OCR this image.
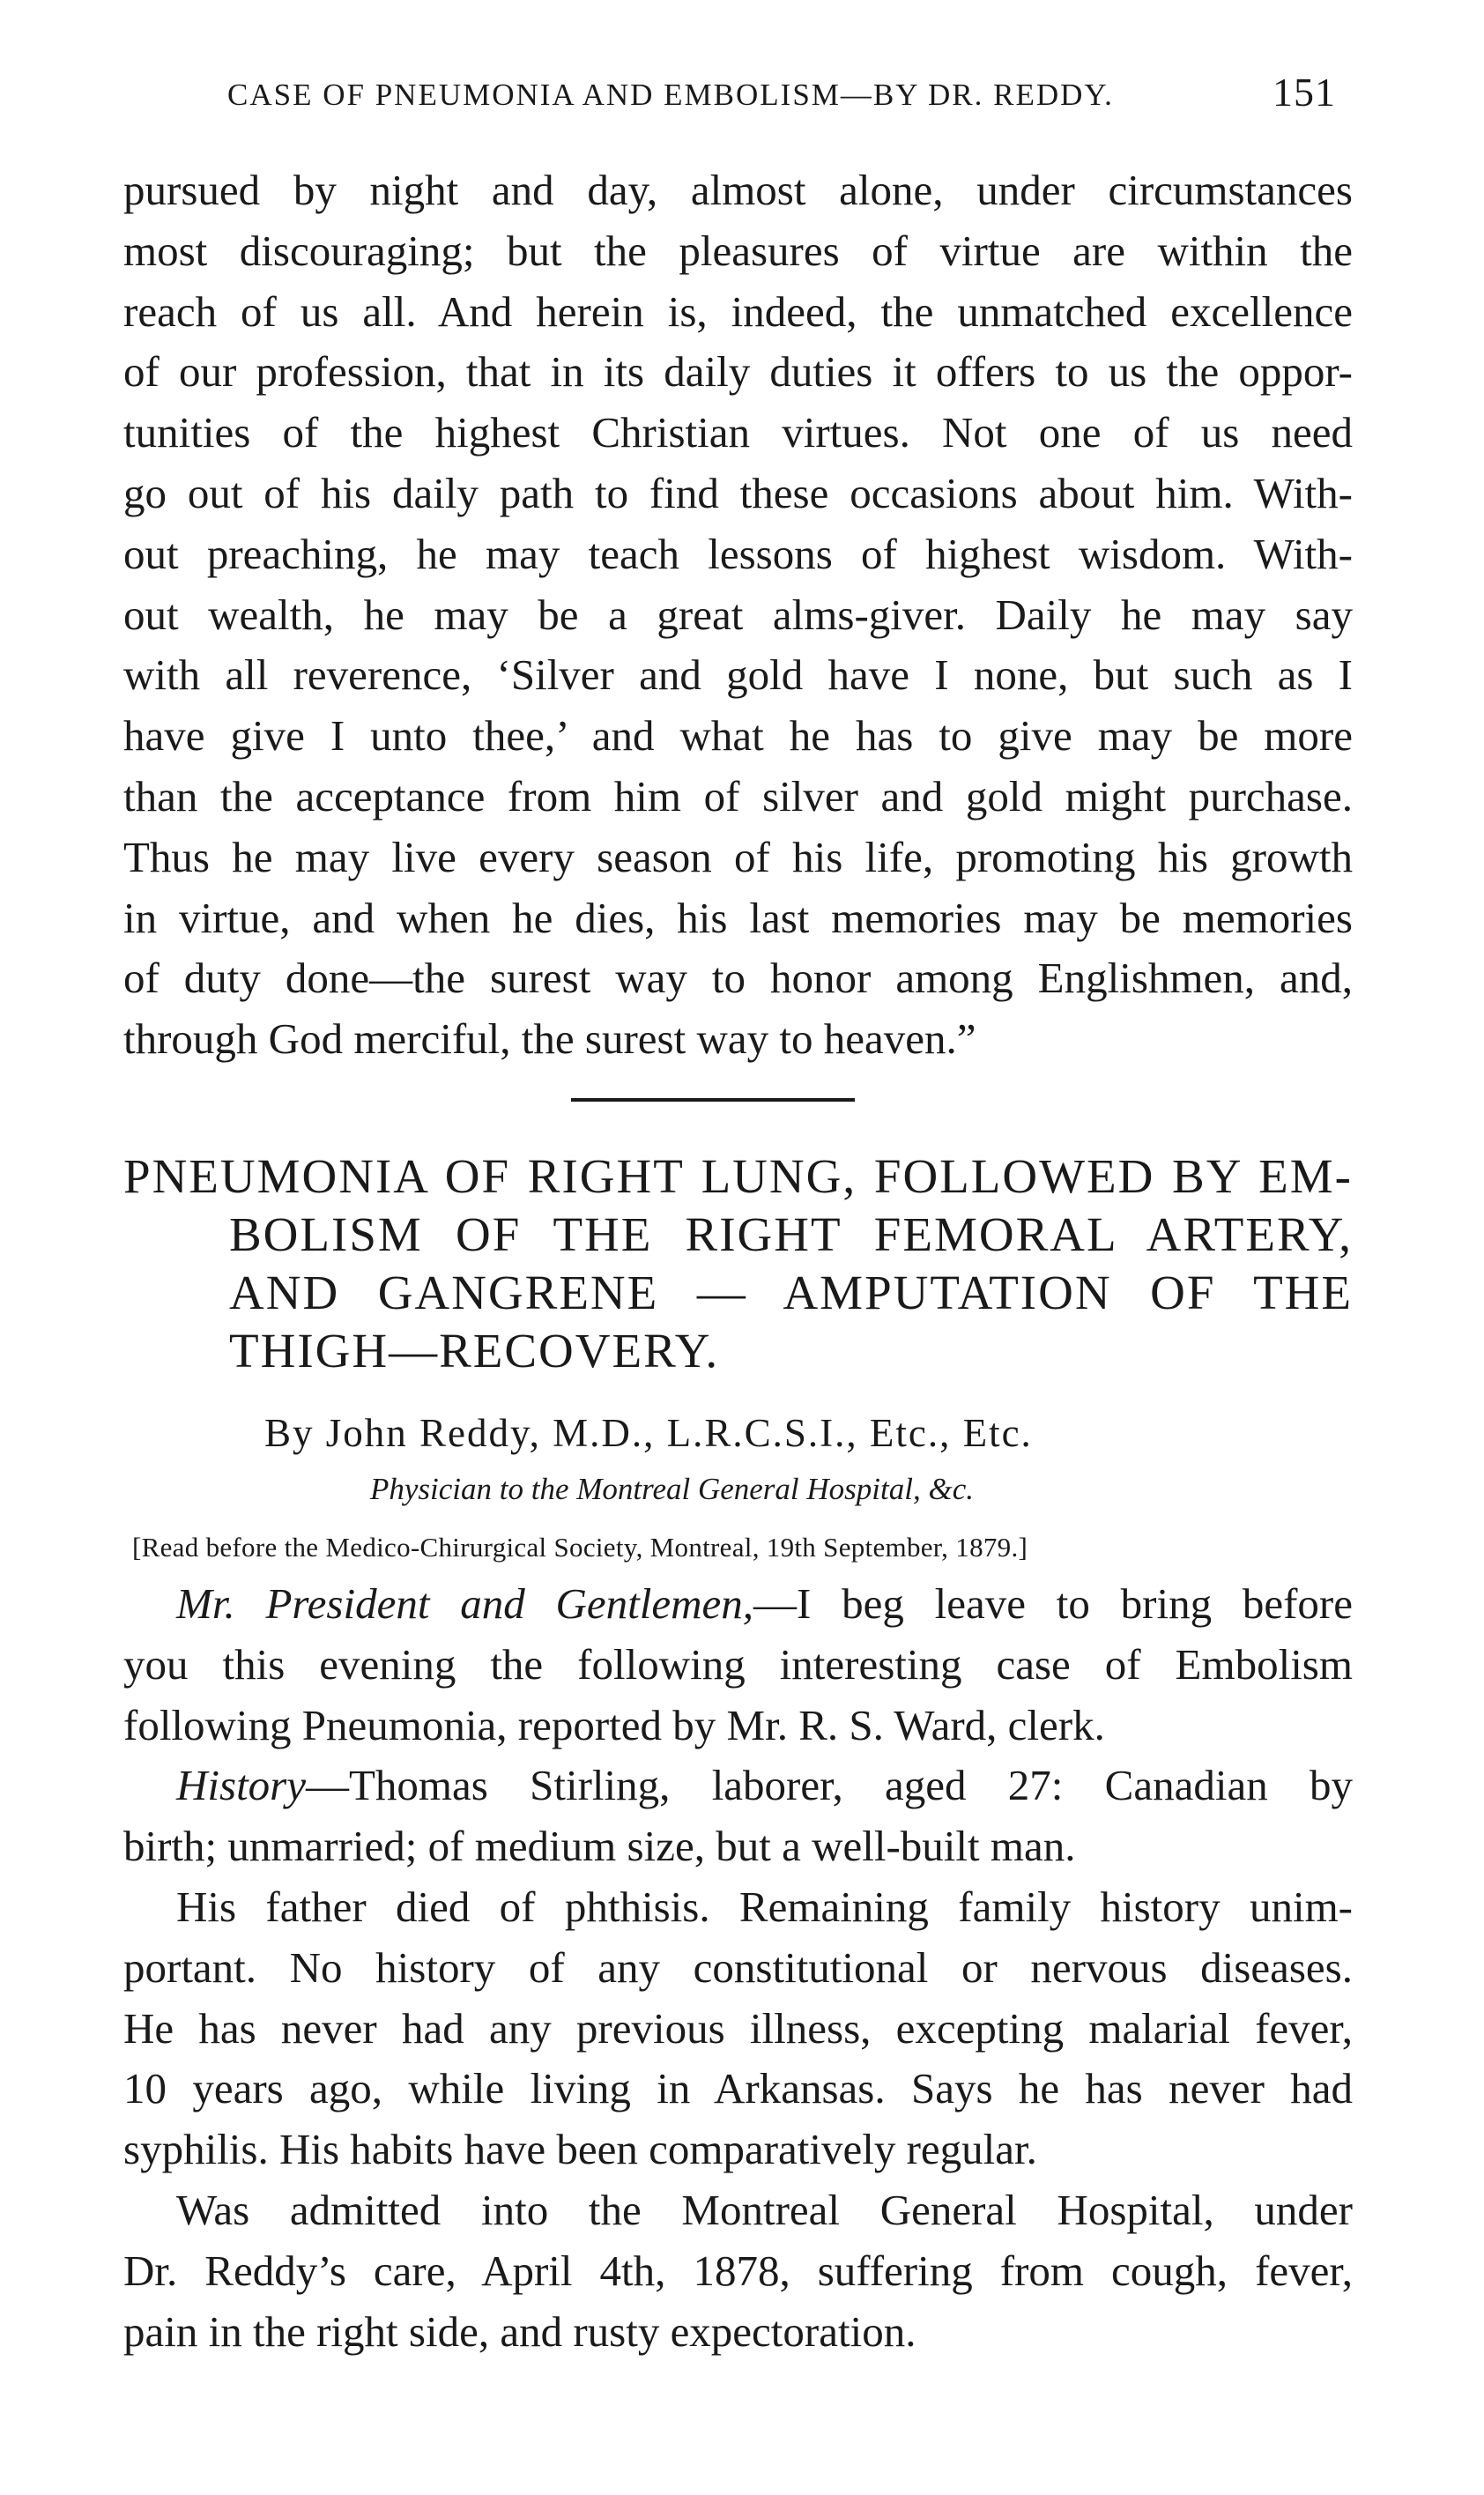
CASE OF PNEUMONIA AND EMBOLISM—BY DR. REDDY.	151
pursued by night and day, almost alone, under circumstances
most discouraging; but the pleasures of virtue are within the
reach of us all. And herein is, indeed, the unmatched excellence
of our profession, that in its daily duties it offers to us the oppor-
tunities of the highest Christian virtues. Not one of us need
go out of his daily path to find these occasions about him. With-
out preaching, he may teach lessons of highest wisdom. With-
out wealth, he may be a great alms-giver. Daily he may say
with all reverence, ‘Silver and gold have I none, but such as I
have give I unto thee,’ and what he has to give may be more
than the acceptance from him of silver and gold might purchase.
Thus he may live every season of his life, promoting his growth
in virtue, and when he dies, his last memories may be memories
of duty done—the surest way to honor among Englishmen, and,
through God merciful, the surest way to heaven.”
PNEUMONIA OF RIGHT LUNG, FOLLOWED BY EM-
BOLISM OF THE RIGHT FEMORAL ARTERY,
AND GANGRENE — AMPUTATION OF THE
THIGH—RECOVERY.
By John Reddy, M.D., L.R.C.S.I., Etc., Etc.
Physician to the Montreal General Hospital, &c.
[Read before the Medico-Chirurgical Society, Montreal, 19th September, 1879.]
Mr. President and Gentlemen,—I beg leave to bring before
you this evening the following interesting case of Embolism
following Pneumonia, reported by Mr. R. S. Ward, clerk.
History—Thomas Stirling, laborer, aged 27: Canadian by
birth; unmarried; of medium size, but a well-built man.
His father died of phthisis. Remaining family history unim-
portant. No history of any constitutional or nervous diseases.
He has never had any previous illness, excepting malarial fever,
10 years ago, while living in Arkansas. Says he has never had
syphilis. His habits have been comparatively regular.
Was admitted into the Montreal General Hospital, under
Dr. Reddy’s care, April 4th, 1878, suffering from cough, fever,
pain in the right side, and rusty expectoration.
